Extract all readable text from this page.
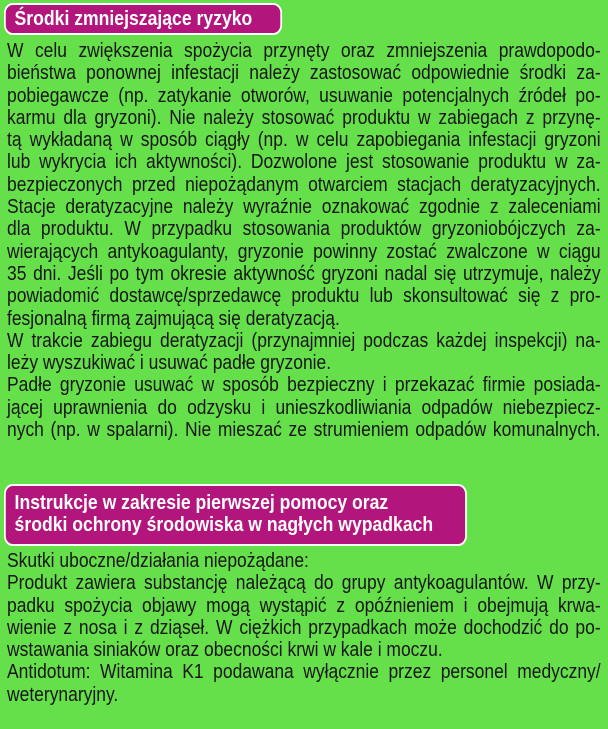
Środki zmniejszające ryzyko
W celu zwiększenia spożycia przynęty oraz zmniejszenia prawdopodo-
bieństwa ponownej infestacji należy zastosować odpowiednie środki za-
pobiegawcze (np. zatykanie otworów, usuwanie potencjalnych źródeł po-
karmu dla gryzoni). Nie należy stosować produktu w zabiegach z przynę-
tą wykładaną w sposób ciągły (np. w celu zapobiegania infestacji gryzoni
lub wykrycia ich aktywności). Dozwolone jest stosowanie produktu w za-
bezpieczonych przed niepożądanym otwarciem stacjach deratyzacyjnych.
Stacje deratyzacyjne należy wyraźnie oznakować zgodnie z zaleceniami
dla produktu. W przypadku stosowania produktów gryzoniobójczych za-
wierających antykoagulanty, gryzonie powinny zostać zwalczone w ciągu
35 dni. Jeśli po tym okresie aktywność gryzoni nadal się utrzymuje, należy
powiadomić dostawcę/sprzedawcę produktu lub skonsultować się z pro-
fesjonalną firmą zajmującą się deratyzacją.
W trakcie zabiegu deratyzacji (przynajmniej podczas każdej inspekcji) na-
leży wyszukiwać i usuwać padłe gryzonie.
Padłe gryzonie usuwać w sposób bezpieczny i przekazać firmie posiada-
jącej uprawnienia do odzysku i unieszkodliwiania odpadów niebezpiecz-
nych (np. w spalarni). Nie mieszać ze strumieniem odpadów komunalnych.
Instrukcje w zakresie pierwszej pomocy oraz
środki ochrony środowiska w nagłych wypadkach
Skutki uboczne/działania niepożądane:
Produkt zawiera substancję należącą do grupy antykoagulantów. W przy-
padku spożycia objawy mogą wystąpić z opóźnieniem i obejmują krwa-
wienie z nosa i z dziąseł. W ciężkich przypadkach może dochodzić do po-
wstawania siniaków oraz obecności krwi w kale i moczu.
Antidotum: Witamina K1 podawana wyłącznie przez personel medyczny/
weterynaryjny.
